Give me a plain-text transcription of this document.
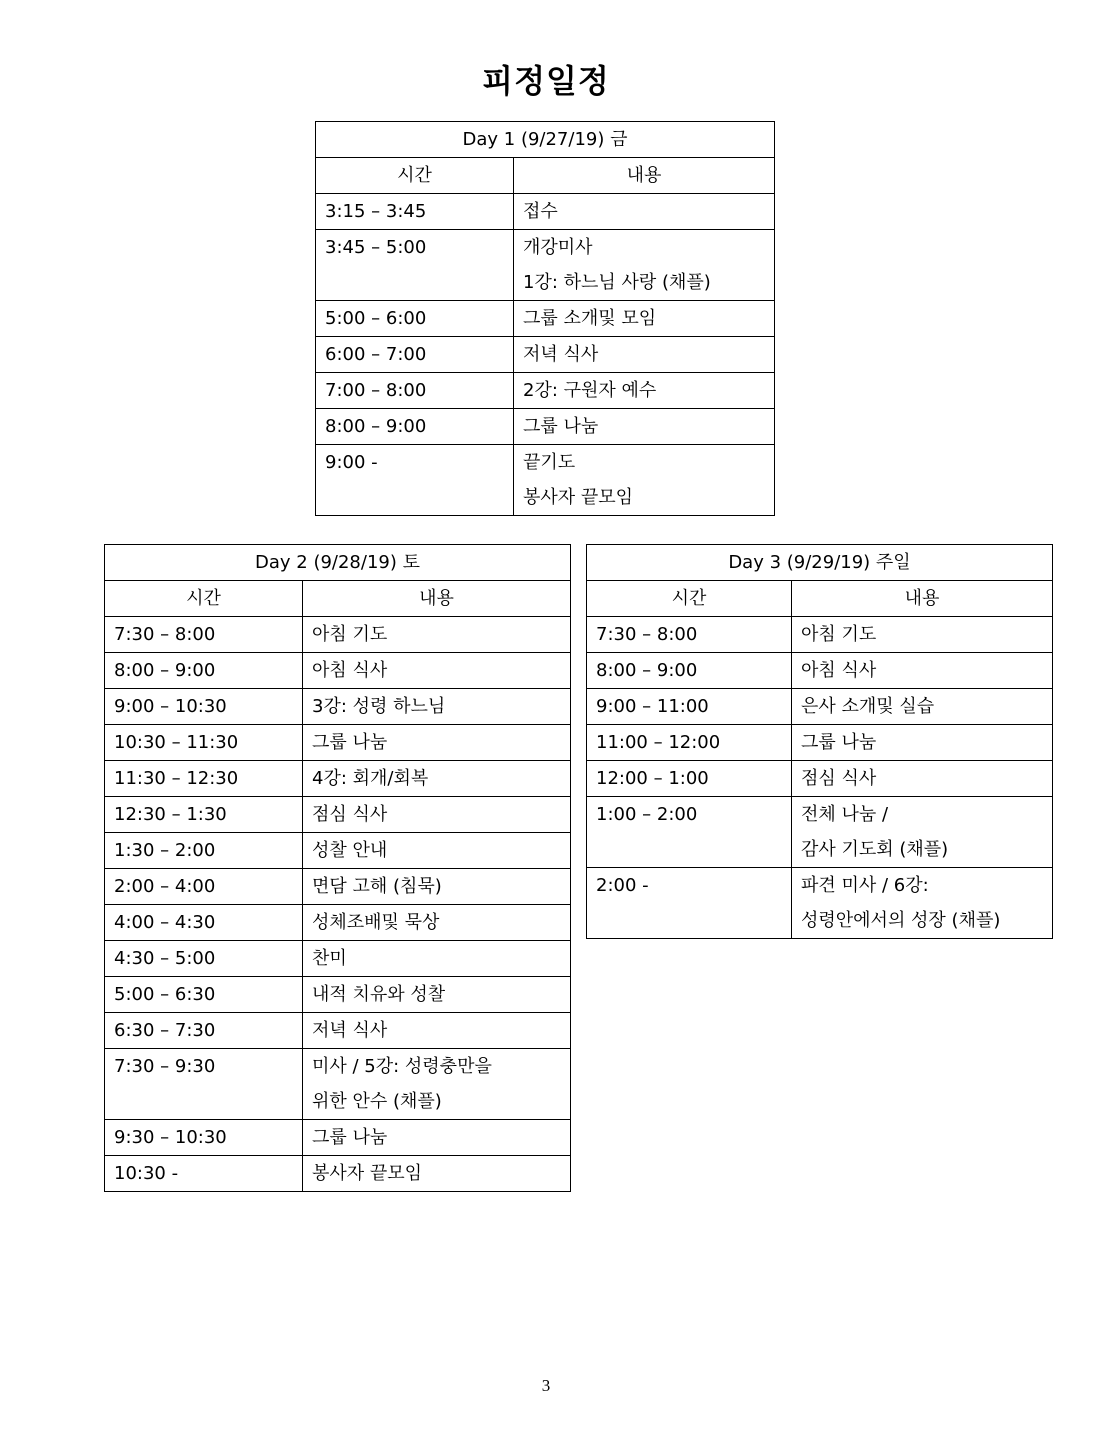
피정일정
Day 1 (9/27/19) 금	
시간	내용

3:15 – 3:45	접수

3:45 – 5:00	개강미사
1강: 하느님 사랑 (채플)

5:00 – 6:00	그룹 소개및 모임

6:00 – 7:00	저녁 식사

7:00 – 8:00	2강: 구원자 예수

8:00 – 9:00	그룹 나눔

9:00 -	끝기도
봉사자 끝모임
Day 2 (9/28/19) 토	
시간	내용

7:30 – 8:00	아침 기도

8:00 – 9:00	아침 식사

9:00 – 10:30	3강: 성령 하느님

10:30 – 11:30	그룹 나눔

11:30 – 12:30	4강: 회개/회복

12:30 – 1:30	점심 식사

1:30 – 2:00	성찰 안내

2:00 – 4:00	면담 고해 (침묵)

4:00 – 4:30	성체조배및 묵상

4:30 – 5:00	찬미

5:00 – 6:30	내적 치유와 성찰

6:30 – 7:30	저녁 식사

7:30 – 9:30	미사 / 5강: 성령충만을
위한 안수 (채플)

9:30 – 10:30	그룹 나눔

10:30 -	봉사자 끝모임
Day 3 (9/29/19) 주일	
시간	내용

7:30 – 8:00	아침 기도

8:00 – 9:00	아침 식사

9:00 – 11:00	은사 소개및 실습

11:00 – 12:00	그룹 나눔

12:00 – 1:00	점심 식사

1:00 – 2:00	전체 나눔 /
감사 기도회 (채플)

2:00 -	파견 미사 / 6강:
성령안에서의 성장 (채플)
3
